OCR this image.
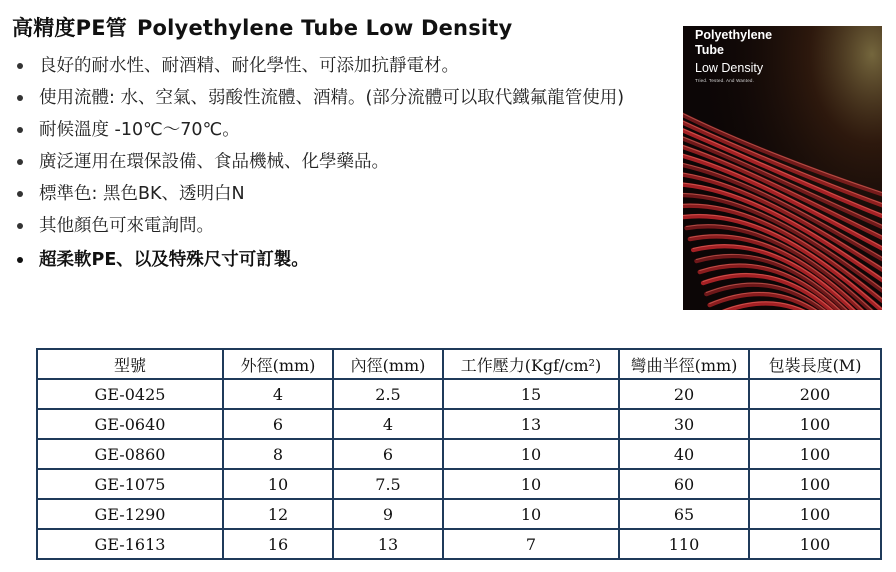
高精度PE管 Polyethylene Tube Low Density
良好的耐水性、耐酒精、耐化學性、可添加抗靜電材。
使用流體: 水、空氣、弱酸性流體、酒精。(部分流體可以取代鐵氟龍管使用)
耐候溫度 -10℃～70℃。
廣泛運用在環保設備、食品機械、化學藥品。
標準色: 黑色BK、透明白N
其他顏色可來電詢問。
超柔軟PE、以及特殊尺寸可訂製。
Polyethylene
Tube
Low Density
Tried. Tested. And Wanted.
型號	外徑(mm)	內徑(mm)	工作壓力(Kgf/cm²)	彎曲半徑(mm)	包裝長度(M)
GE-0425	4	2.5	15	20	200
GE-0640	6	4	13	30	100
GE-0860	8	6	10	40	100
GE-1075	10	7.5	10	60	100
GE-1290	12	9	10	65	100
GE-1613	16	13	7	110	100
